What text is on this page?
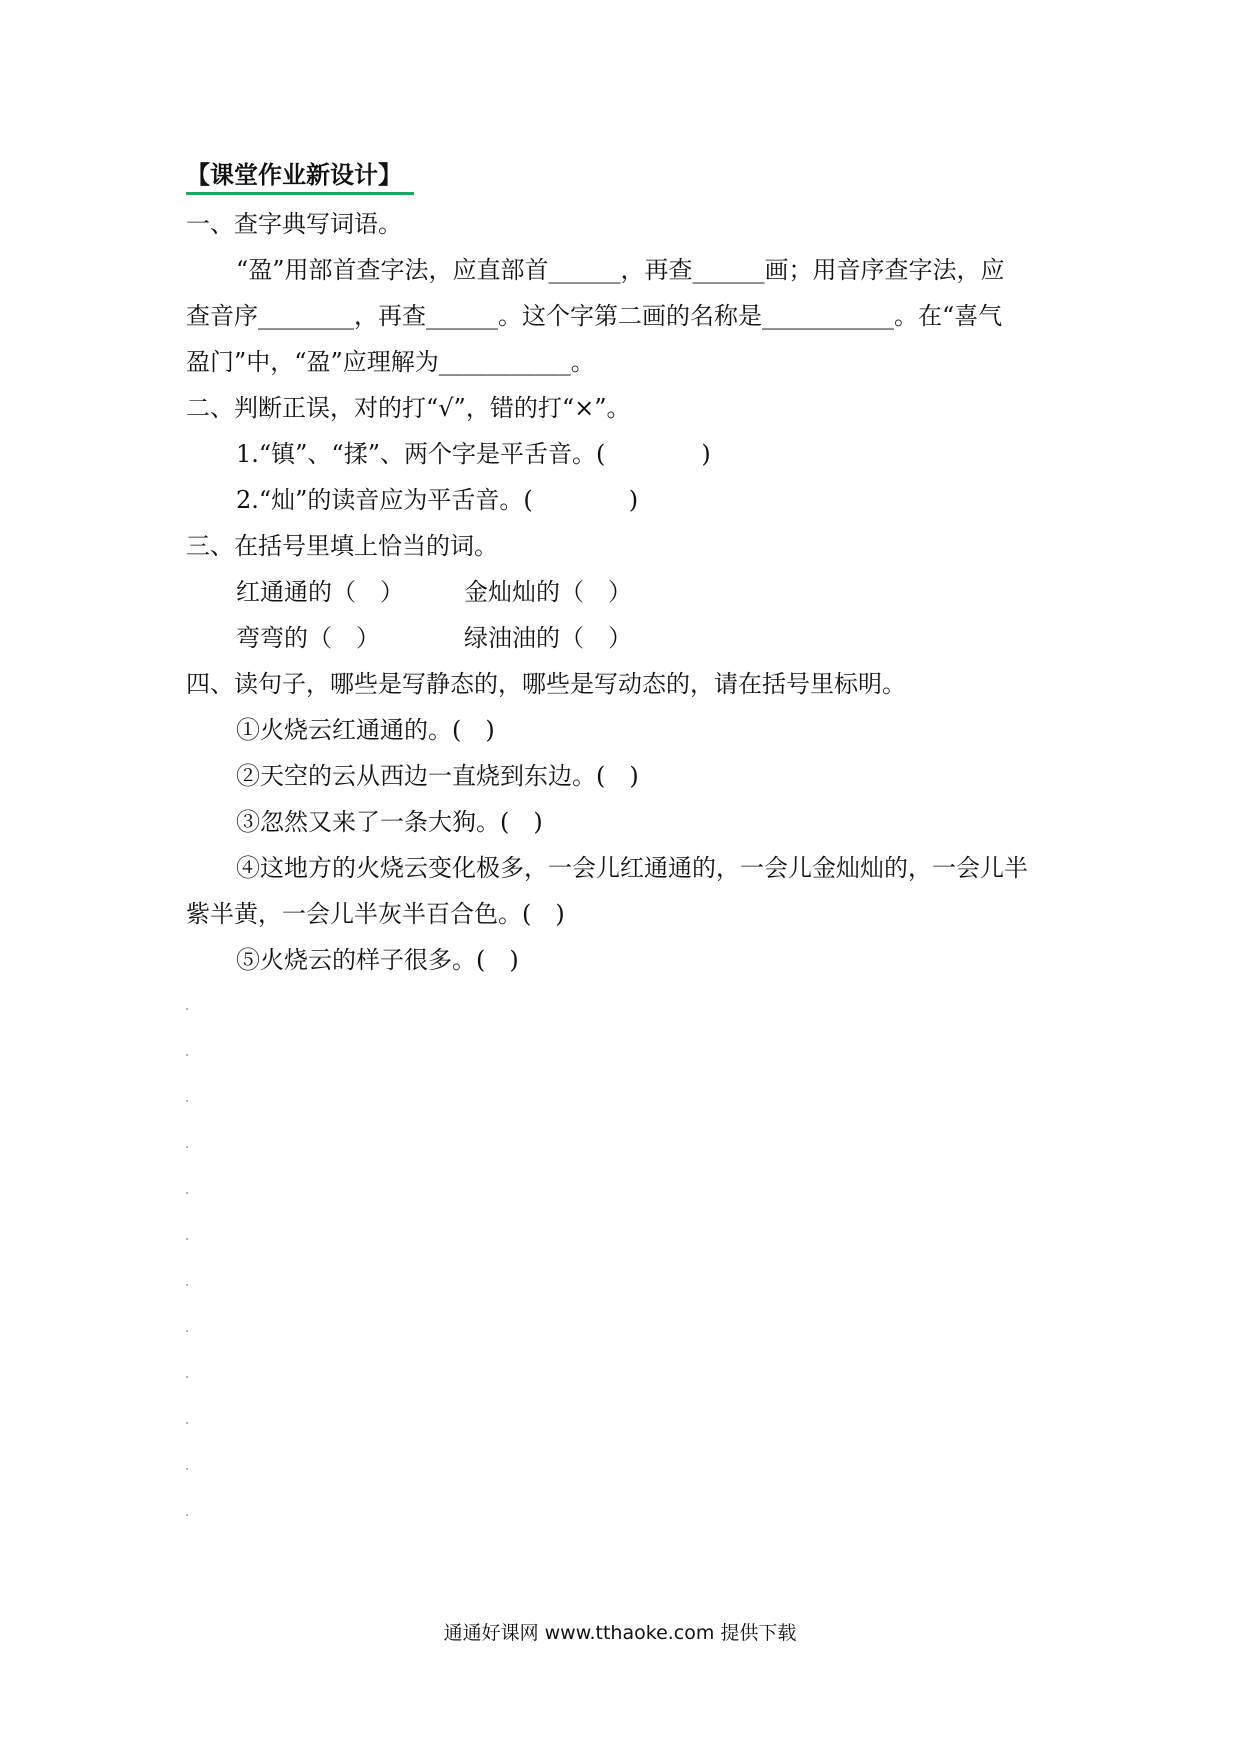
【课堂作业新设计】
一、查字典写词语。
“盈”用部首查字法，应直部首______，再查______画；用音序查字法，应
查音序________，再查______。这个字第二画的名称是___________。在“喜气
盈门”中，“盈”应理解为___________。
二、判断正误，对的打“√”，错的打“×”。
1.“镇”、“揉”、两个字是平舌音。(　　　　)
2.“灿”的读音应为平舌音。(　　　　)
三、在括号里填上恰当的词。
红通通的（　）	金灿灿的（　）
弯弯的（　）	绿油油的（　）
四、读句子，哪些是写静态的，哪些是写动态的，请在括号里标明。
①火烧云红通通的。(　)
②天空的云从西边一直烧到东边。(　)
③忽然又来了一条大狗。(　)
④这地方的火烧云变化极多，一会儿红通通的，一会儿金灿灿的，一会儿半
紫半黄，一会儿半灰半百合色。(　)
⑤火烧云的样子很多。(　)
通通好课网 www.tthaoke.com 提供下载
